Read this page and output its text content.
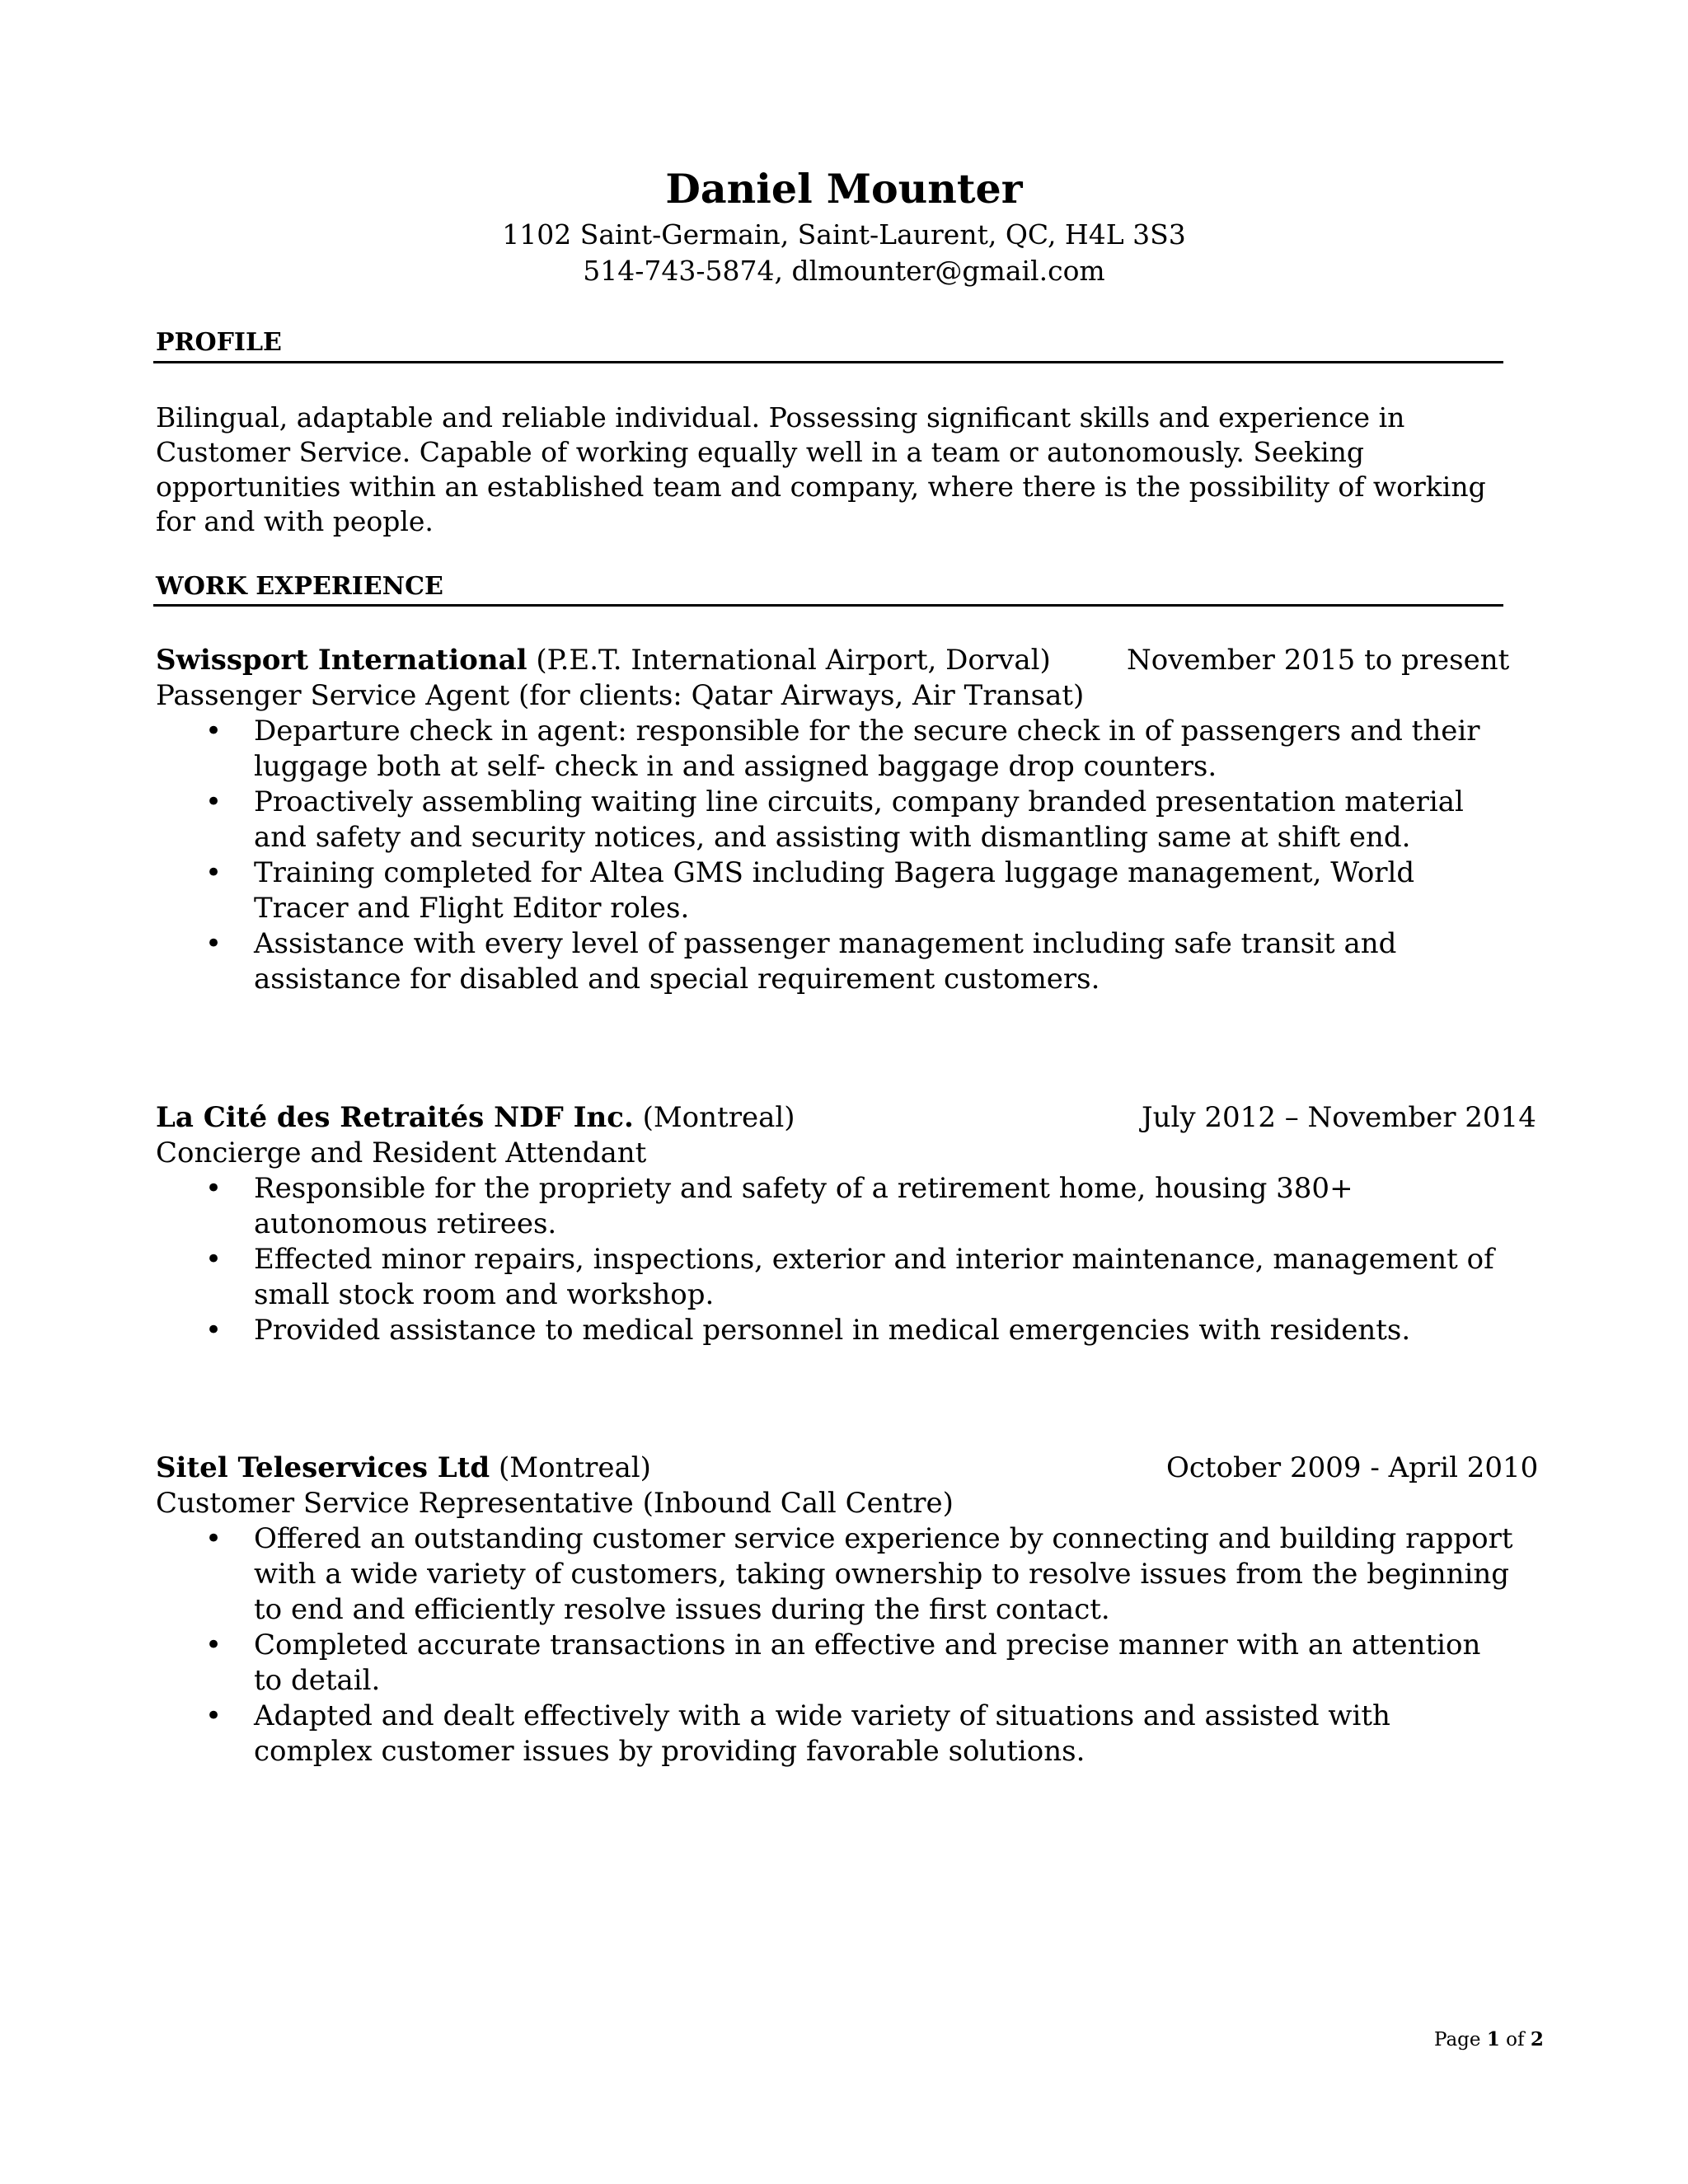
Daniel Mounter
1102 Saint-Germain, Saint-Laurent, QC, H4L 3S3
514-743-5874, dlmounter@gmail.com
PROFILE
Bilingual, adaptable and reliable individual. Possessing significant skills and experience in Customer Service. Capable of working equally well in a team or autonomously. Seeking opportunities within an established team and company, where there is the possibility of working for and with people.
WORK EXPERIENCE
Swissport International (P.E.T. International Airport, Dorval)	November 2015 to present
Passenger Service Agent (for clients: Qatar Airways, Air Transat)
• Departure check in agent: responsible for the secure check in of passengers and their luggage both at self- check in and assigned baggage drop counters.
• Proactively assembling waiting line circuits, company branded presentation material and safety and security notices, and assisting with dismantling same at shift end.
• Training completed for Altea GMS including Bagera luggage management, World Tracer and Flight Editor roles.
• Assistance with every level of passenger management including safe transit and assistance for disabled and special requirement customers.
La Cité des Retraités NDF Inc. (Montreal)	July 2012 – November 2014
Concierge and Resident Attendant
• Responsible for the propriety and safety of a retirement home, housing 380+ autonomous retirees.
• Effected minor repairs, inspections, exterior and interior maintenance, management of small stock room and workshop.
• Provided assistance to medical personnel in medical emergencies with residents.
Sitel Teleservices Ltd (Montreal)	October 2009 - April 2010
Customer Service Representative (Inbound Call Centre)
• Offered an outstanding customer service experience by connecting and building rapport with a wide variety of customers, taking ownership to resolve issues from the beginning to end and efficiently resolve issues during the first contact.
• Completed accurate transactions in an effective and precise manner with an attention to detail.
• Adapted and dealt effectively with a wide variety of situations and assisted with complex customer issues by providing favorable solutions.
Page 1 of 2
